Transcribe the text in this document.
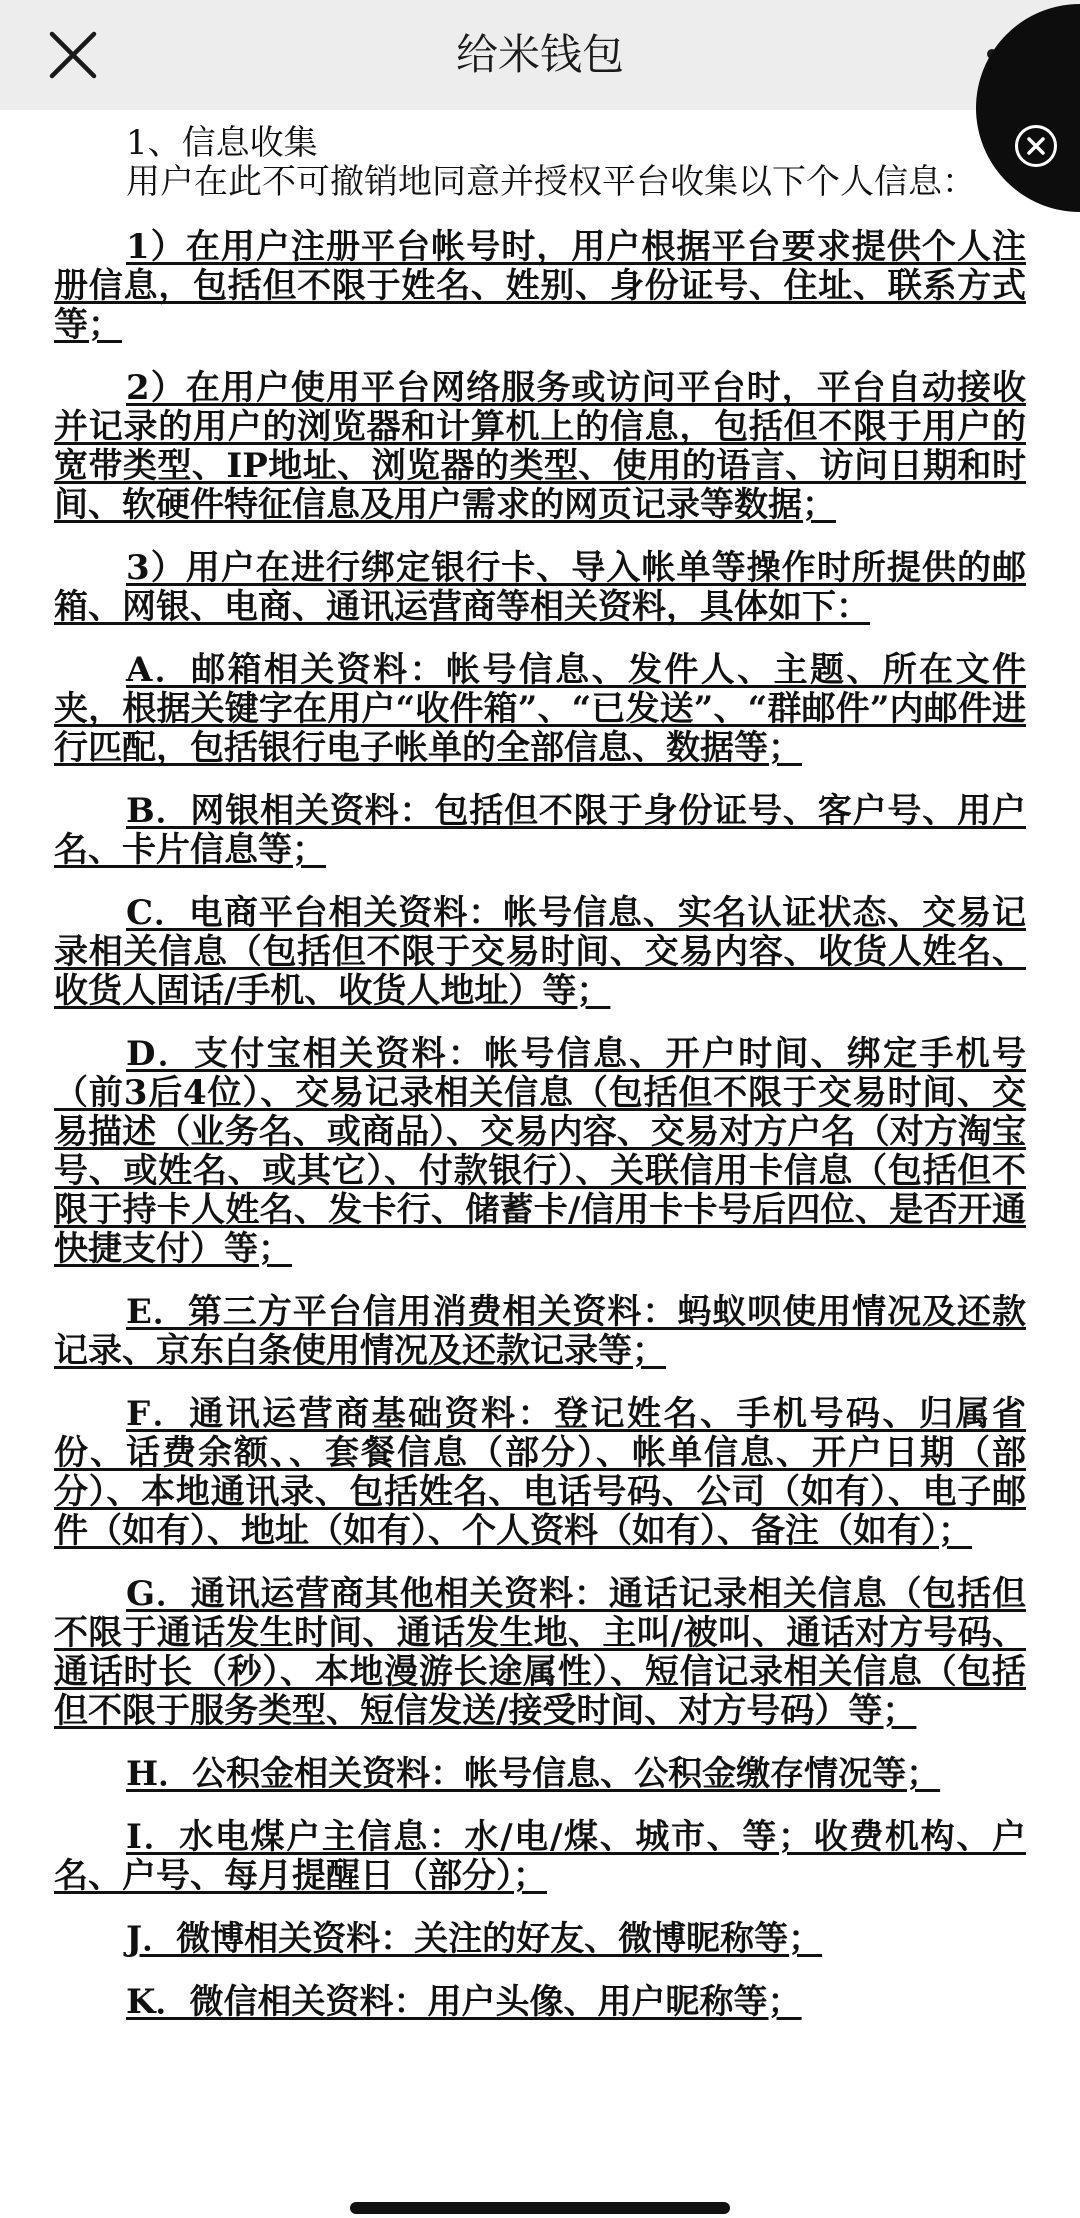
给米钱包

1、信息收集

用户在此不可撤销地同意并授权平台收集以下个人信息：

1）在用户注册平台帐号时，用户根据平台要求提供个人注册信息，包括但不限于姓名、姓别、身份证号、住址、联系方式等；

2）在用户使用平台网络服务或访问平台时，平台自动接收并记录的用户的浏览器和计算机上的信息，包括但不限于用户的宽带类型、IP地址、浏览器的类型、使用的语言、访问日期和时间、软硬件特征信息及用户需求的网页记录等数据；

3）用户在进行绑定银行卡、导入帐单等操作时所提供的邮箱、网银、电商、通讯运营商等相关资料，具体如下：

A．邮箱相关资料：帐号信息、发件人、主题、所在文件夹，根据关键字在用户“收件箱”、“已发送”、“群邮件”内邮件进行匹配，包括银行电子帐单的全部信息、数据等；

B．网银相关资料：包括但不限于身份证号、客户号、用户名、卡片信息等；

C．电商平台相关资料：帐号信息、实名认证状态、交易记录相关信息（包括但不限于交易时间、交易内容、收货人姓名、收货人固话/手机、收货人地址）等；

D．支付宝相关资料：帐号信息、开户时间、绑定手机号（前3后4位）、交易记录相关信息（包括但不限于交易时间、交易描述（业务名、或商品）、交易内容、交易对方户名（对方淘宝号、或姓名、或其它）、付款银行）、关联信用卡信息（包括但不限于持卡人姓名、发卡行、储蓄卡/信用卡卡号后四位、是否开通快捷支付）等；

E．第三方平台信用消费相关资料：蚂蚁呗使用情况及还款记录、京东白条使用情况及还款记录等；

F．通讯运营商基础资料：登记姓名、手机号码、归属省份、话费余额、、套餐信息（部分）、帐单信息、开户日期（部分）、本地通讯录、包括姓名、电话号码、公司（如有）、电子邮件（如有）、地址（如有）、个人资料（如有）、备注（如有）；

G．通讯运营商其他相关资料：通话记录相关信息（包括但不限于通话发生时间、通话发生地、主叫/被叫、通话对方号码、通话时长（秒）、本地漫游长途属性）、短信记录相关信息（包括但不限于服务类型、短信发送/接受时间、对方号码）等；

H．公积金相关资料：帐号信息、公积金缴存情况等；

I．水电煤户主信息：水/电/煤、城市、等；收费机构、户名、户号、每月提醒日（部分）；

J．微博相关资料：关注的好友、微博昵称等；

K．微信相关资料：用户头像、用户昵称等；
